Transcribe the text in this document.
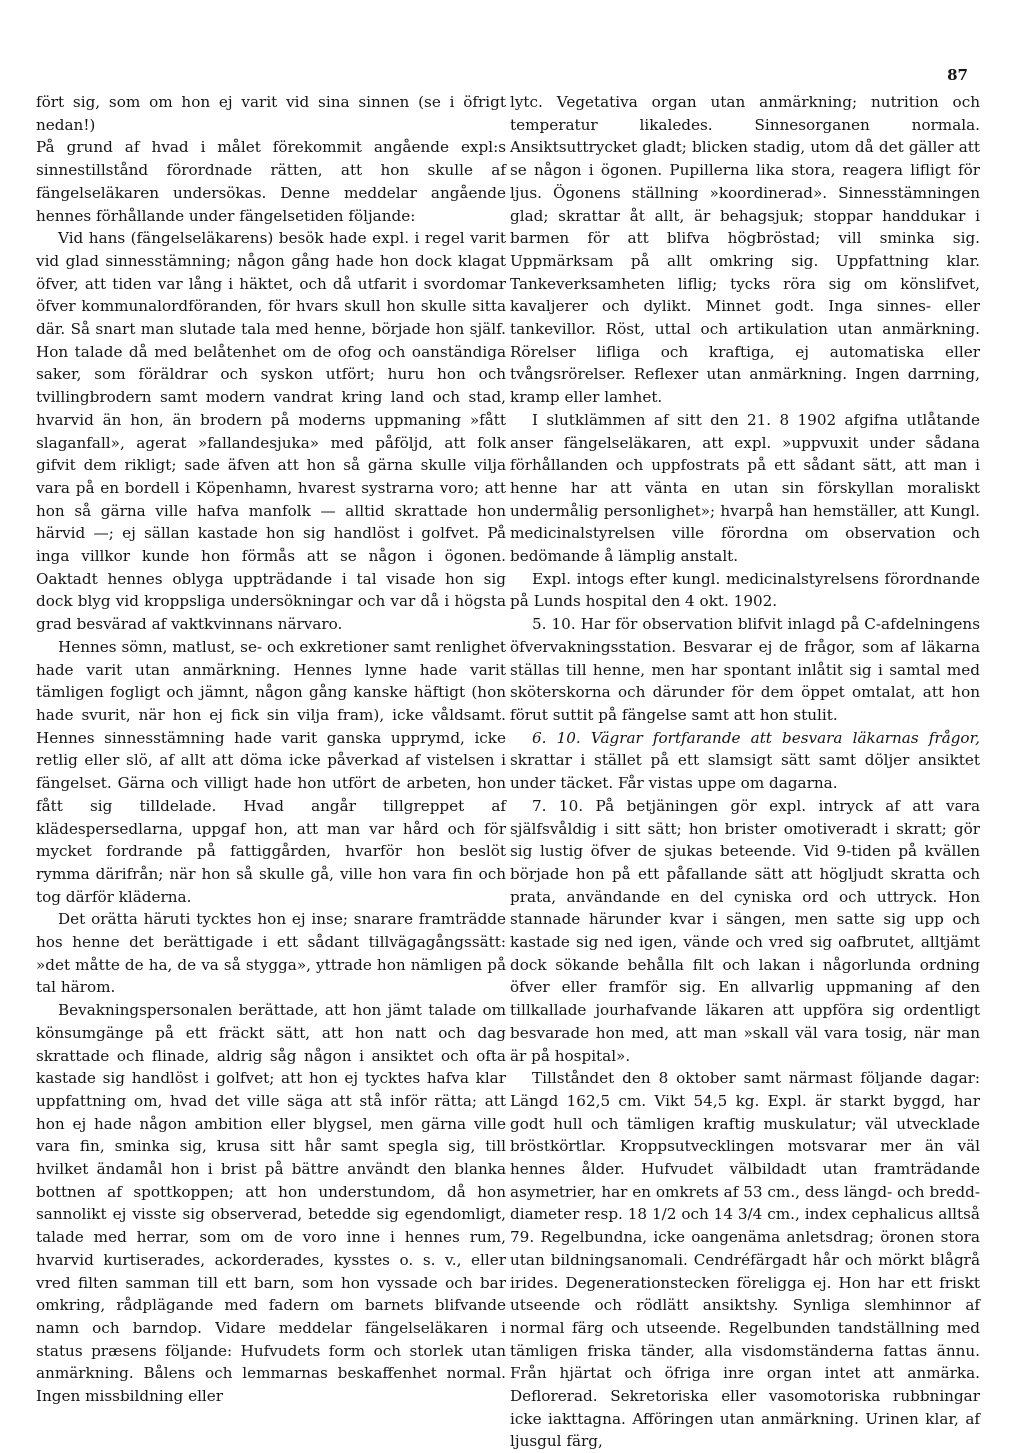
87

fört sig, som om hon ej varit vid sina sinnen (se i öfrigt nedan!)

På grund af hvad i målet förekommit angående expl:s sinnestillstånd förordnade rätten, att hon skulle af fängelseläkaren undersökas. Denne meddelar angående hennes förhållande under fängelsetiden följande:

Vid hans (fängelseläkarens) besök hade expl. i regel varit vid glad sinnesstämning; någon gång hade hon dock klagat öfver, att tiden var lång i häktet, och då utfarit i svordomar öfver kommunalordföranden, för hvars skull hon skulle sitta där. Så snart man slutade tala med henne, började hon själf. Hon talade då med belåtenhet om de ofog och oanständiga saker, som föräldrar och syskon utfört; huru hon och tvillingbrodern samt modern vandrat kring land och stad, hvarvid än hon, än brodern på moderns uppmaning »fått slaganfall», agerat »fallandesjuka» med påföljd, att folk gifvit dem rikligt; sade äfven att hon så gärna skulle vilja vara på en bordell i Köpenhamn, hvarest systrarna voro; att hon så gärna ville hafva manfolk — alltid skrattade hon härvid —; ej sällan kastade hon sig handlöst i golfvet. På inga villkor kunde hon förmås att se någon i ögonen. Oaktadt hennes oblyga uppträdande i tal visade hon sig dock blyg vid kroppsliga undersökningar och var då i högsta grad besvärad af vaktkvinnans närvaro.

Hennes sömn, matlust, se- och exkretioner samt renlighet hade varit utan anmärkning. Hennes lynne hade varit tämligen fogligt och jämnt, någon gång kanske häftigt (hon hade svurit, när hon ej fick sin vilja fram), icke våldsamt. Hennes sinnesstämning hade varit ganska upprymd, icke retlig eller slö, af allt att döma icke påverkad af vistelsen i fängelset. Gärna och villigt hade hon utfört de arbeten, hon fått sig tilldelade. Hvad angår tillgreppet af klädespersedlarna, uppgaf hon, att man var hård och för mycket fordrande på fattiggården, hvarför hon beslöt rymma därifrån; när hon så skulle gå, ville hon vara fin och tog därför kläderna.

Det orätta häruti tycktes hon ej inse; snarare framträdde hos henne det berättigade i ett sådant tillvägagångssätt: »det måtte de ha, de va så stygga», yttrade hon nämligen på tal härom.

Bevakningspersonalen berättade, att hon jämt talade om könsumgänge på ett fräckt sätt, att hon natt och dag skrattade och flinade, aldrig såg någon i ansiktet och ofta kastade sig handlöst i golfvet; att hon ej tycktes hafva klar uppfattning om, hvad det ville säga att stå inför rätta; att hon ej hade någon ambition eller blygsel, men gärna ville vara fin, sminka sig, krusa sitt hår samt spegla sig, till hvilket ändamål hon i brist på bättre användt den blanka bottnen af spottkoppen; att hon understundom, då hon sannolikt ej visste sig observerad, betedde sig egendomligt, talade med herrar, som om de voro inne i hennes rum, hvarvid kurtiserades, ackorderades, kysstes o. s. v., eller vred filten samman till ett barn, som hon vyssade och bar omkring, rådplägande med fadern om barnets blifvande namn och barndop. Vidare meddelar fängelseläkaren i status præsens följande: Hufvudets form och storlek utan anmärkning. Bålens och lemmarnas beskaffenhet normal. Ingen missbildning eller

lytc. Vegetativa organ utan anmärkning; nutrition och temperatur likaledes. Sinnesorganen normala. Ansiktsuttrycket gladt; blicken stadig, utom då det gäller att se någon i ögonen. Pupillerna lika stora, reagera lifligt för ljus. Ögonens ställning »koordinerad». Sinnesstämningen glad; skrattar åt allt, är behagsjuk; stoppar handdukar i barmen för att blifva högbröstad; vill sminka sig. Uppmärksam på allt omkring sig. Uppfattning klar. Tankeverksamheten liflig; tycks röra sig om könslifvet, kavaljerer och dylikt. Minnet godt. Inga sinnes- eller tankevillor. Röst, uttal och artikulation utan anmärkning. Rörelser lifliga och kraftiga, ej automatiska eller tvångsrörelser. Reflexer utan anmärkning. Ingen darrning, kramp eller lamhet.

I slutklämmen af sitt den 21. 8 1902 afgifna utlåtande anser fängelseläkaren, att expl. »uppvuxit under sådana förhållanden och uppfostrats på ett sådant sätt, att man i henne har att vänta en utan sin förskyllan moraliskt undermålig personlighet»; hvarpå han hemställer, att Kungl. medicinalstyrelsen ville förordna om observation och bedömande å lämplig anstalt.

Expl. intogs efter kungl. medicinalstyrelsens förordnande på Lunds hospital den 4 okt. 1902.

5. 10. Har för observation blifvit inlagd på C-afdelningens öfvervakningsstation. Besvarar ej de frågor, som af läkarna ställas till henne, men har spontant inlåtit sig i samtal med sköterskorna och därunder för dem öppet omtalat, att hon förut suttit på fängelse samt att hon stulit.

6. 10. Vägrar fortfarande att besvara läkarnas frågor, skrattar i stället på ett slamsigt sätt samt döljer ansiktet under täcket. Får vistas uppe om dagarna.

7. 10. På betjäningen gör expl. intryck af att vara själfsvåldig i sitt sätt; hon brister omotiveradt i skratt; gör sig lustig öfver de sjukas beteende. Vid 9-tiden på kvällen började hon på ett påfallande sätt att högljudt skratta och prata, användande en del cyniska ord och uttryck. Hon stannade härunder kvar i sängen, men satte sig upp och kastade sig ned igen, vände och vred sig oafbrutet, alltjämt dock sökande behålla filt och lakan i någorlunda ordning öfver eller framför sig. En allvarlig uppmaning af den tillkallade jourhafvande läkaren att uppföra sig ordentligt besvarade hon med, att man »skall väl vara tosig, när man är på hospital».

Tillståndet den 8 oktober samt närmast följande dagar: Längd 162,5 cm. Vikt 54,5 kg. Expl. är starkt byggd, har godt hull och tämligen kraftig muskulatur; väl utvecklade bröstkörtlar. Kroppsutvecklingen motsvarar mer än väl hennes ålder. Hufvudet välbildadt utan framträdande asymetrier, har en omkrets af 53 cm., dess längd- och bredd-diameter resp. 18 1/2 och 14 3/4 cm., index cephalicus alltså 79. Regelbundna, icke oangenäma anletsdrag; öronen stora utan bildningsanomali. Cendréfärgadt hår och mörkt blågrå irides. Degenerationstecken föreligga ej. Hon har ett friskt utseende och rödlätt ansiktshy. Synliga slemhinnor af normal färg och utseende. Regelbunden tandställning med tämligen friska tänder, alla visdomständerna fattas ännu. Från hjärtat och öfriga inre organ intet att anmärka. Deflorerad. Sekretoriska eller vasomotoriska rubbningar icke iakttagna. Afföringen utan anmärkning. Urinen klar, af ljusgul färg,
